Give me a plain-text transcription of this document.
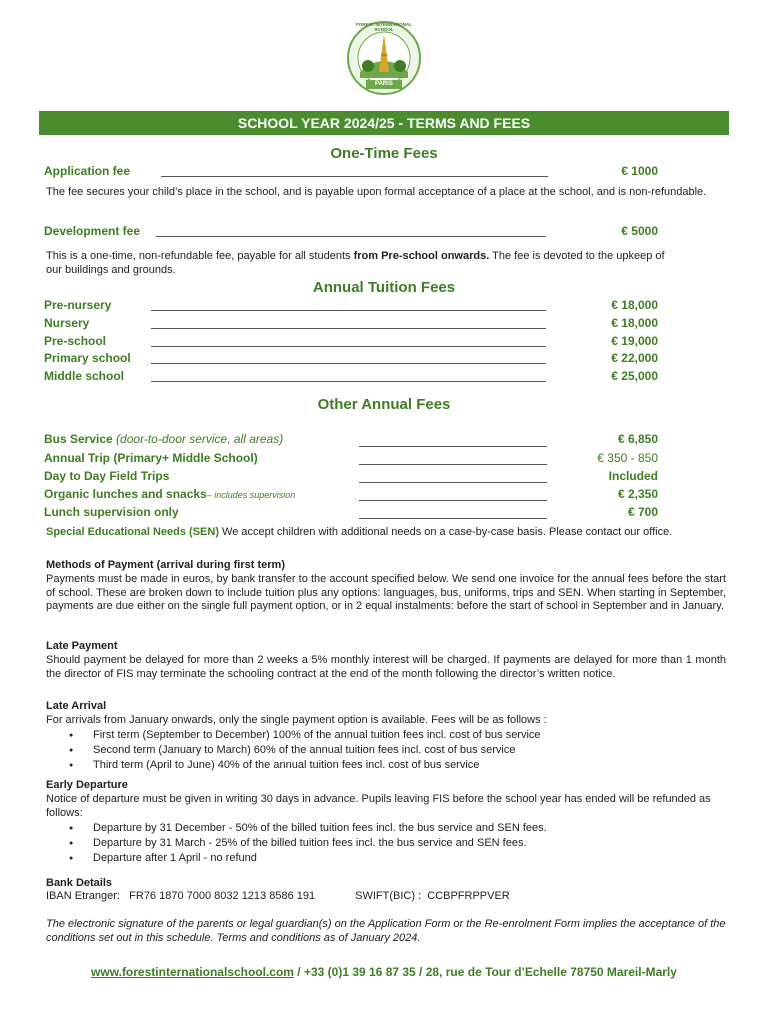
FOREST INTERNATIONAL SCHOOL
PARIS
SCHOOL YEAR 2024/25 - TERMS AND FEES
One-Time Fees
Application fee	€ 1000
The fee secures your child’s place in the school, and is payable upon formal acceptance of a place at the school, and is non-refundable.
Development fee	€ 5000
This is a one-time, non-refundable fee, payable for all students from Pre-school onwards. The fee is devoted to the upkeep of our buildings and grounds.
Annual Tuition Fees
Pre-nursery	€ 18,000
Nursery	€ 18,000
Pre-school	€ 19,000
Primary school	€ 22,000
Middle school	€ 25,000
Other Annual Fees
Bus Service (door-to-door service, all areas)	€ 6,850
Annual Trip (Primary+ Middle School)	€ 350 - 850
Day to Day Field Trips	Included
Organic lunches and snacks– includes supervision	€ 2,350
Lunch supervision only	€ 700
Special Educational Needs (SEN) We accept children with additional needs on a case-by-case basis. Please contact our office.
Methods of Payment (arrival during first term)
Payments must be made in euros, by bank transfer to the account specified below. We send one invoice for the annual fees before the start of school. These are broken down to include tuition plus any options: languages, bus, uniforms, trips and SEN. When starting in September, payments are due either on the single full payment option, or in 2 equal instalments: before the start of school in September and in January.
Late Payment
Should payment be delayed for more than 2 weeks a 5% monthly interest will be charged. If payments are delayed for more than 1 month the director of FIS may terminate the schooling contract at the end of the month following the director’s written notice.
Late Arrival
For arrivals from January onwards, only the single payment option is available. Fees will be as follows :
● First term (September to December) 100% of the annual tuition fees incl. cost of bus service
● Second term (January to March) 60% of the annual tuition fees incl. cost of bus service
● Third term (April to June) 40% of the annual tuition fees incl. cost of bus service
Early Departure
Notice of departure must be given in writing 30 days in advance. Pupils leaving FIS before the school year has ended will be refunded as follows:
● Departure by 31 December - 50% of the billed tuition fees incl. the bus service and SEN fees.
● Departure by 31 March - 25% of the billed tuition fees incl. the bus service and SEN fees.
● Departure after 1 April - no refund
Bank Details
IBAN Etranger: FR76 1870 7000 8032 1213 8586 191	SWIFT(BIC) : CCBPFRPPVER
The electronic signature of the parents or legal guardian(s) on the Application Form or the Re-enrolment Form implies the acceptance of the conditions set out in this schedule. Terms and conditions as of January 2024.
www.forestinternationalschool.com / +33 (0)1 39 16 87 35 / 28, rue de Tour d’Echelle 78750 Mareil-Marly
